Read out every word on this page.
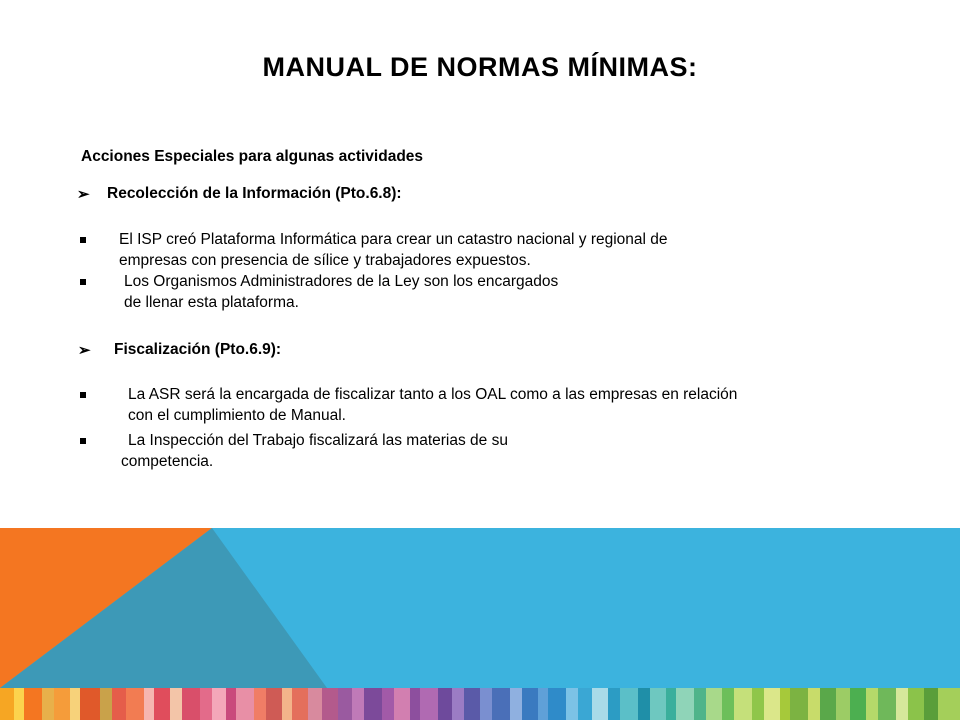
MANUAL DE NORMAS MÍNIMAS:
Acciones Especiales para algunas actividades
➢ Recolección de la Información (Pto.6.8):
El ISP creó Plataforma Informática para crear un catastro nacional y regional de
empresas con presencia de sílice y trabajadores expuestos.
Los Organismos Administradores de la Ley son los encargados
de llenar esta plataforma.
➢ Fiscalización (Pto.6.9):
La ASR será la encargada de fiscalizar tanto a los OAL como a las empresas en relación
con el cumplimiento de Manual.
La Inspección del Trabajo fiscalizará las materias de su
competencia.
